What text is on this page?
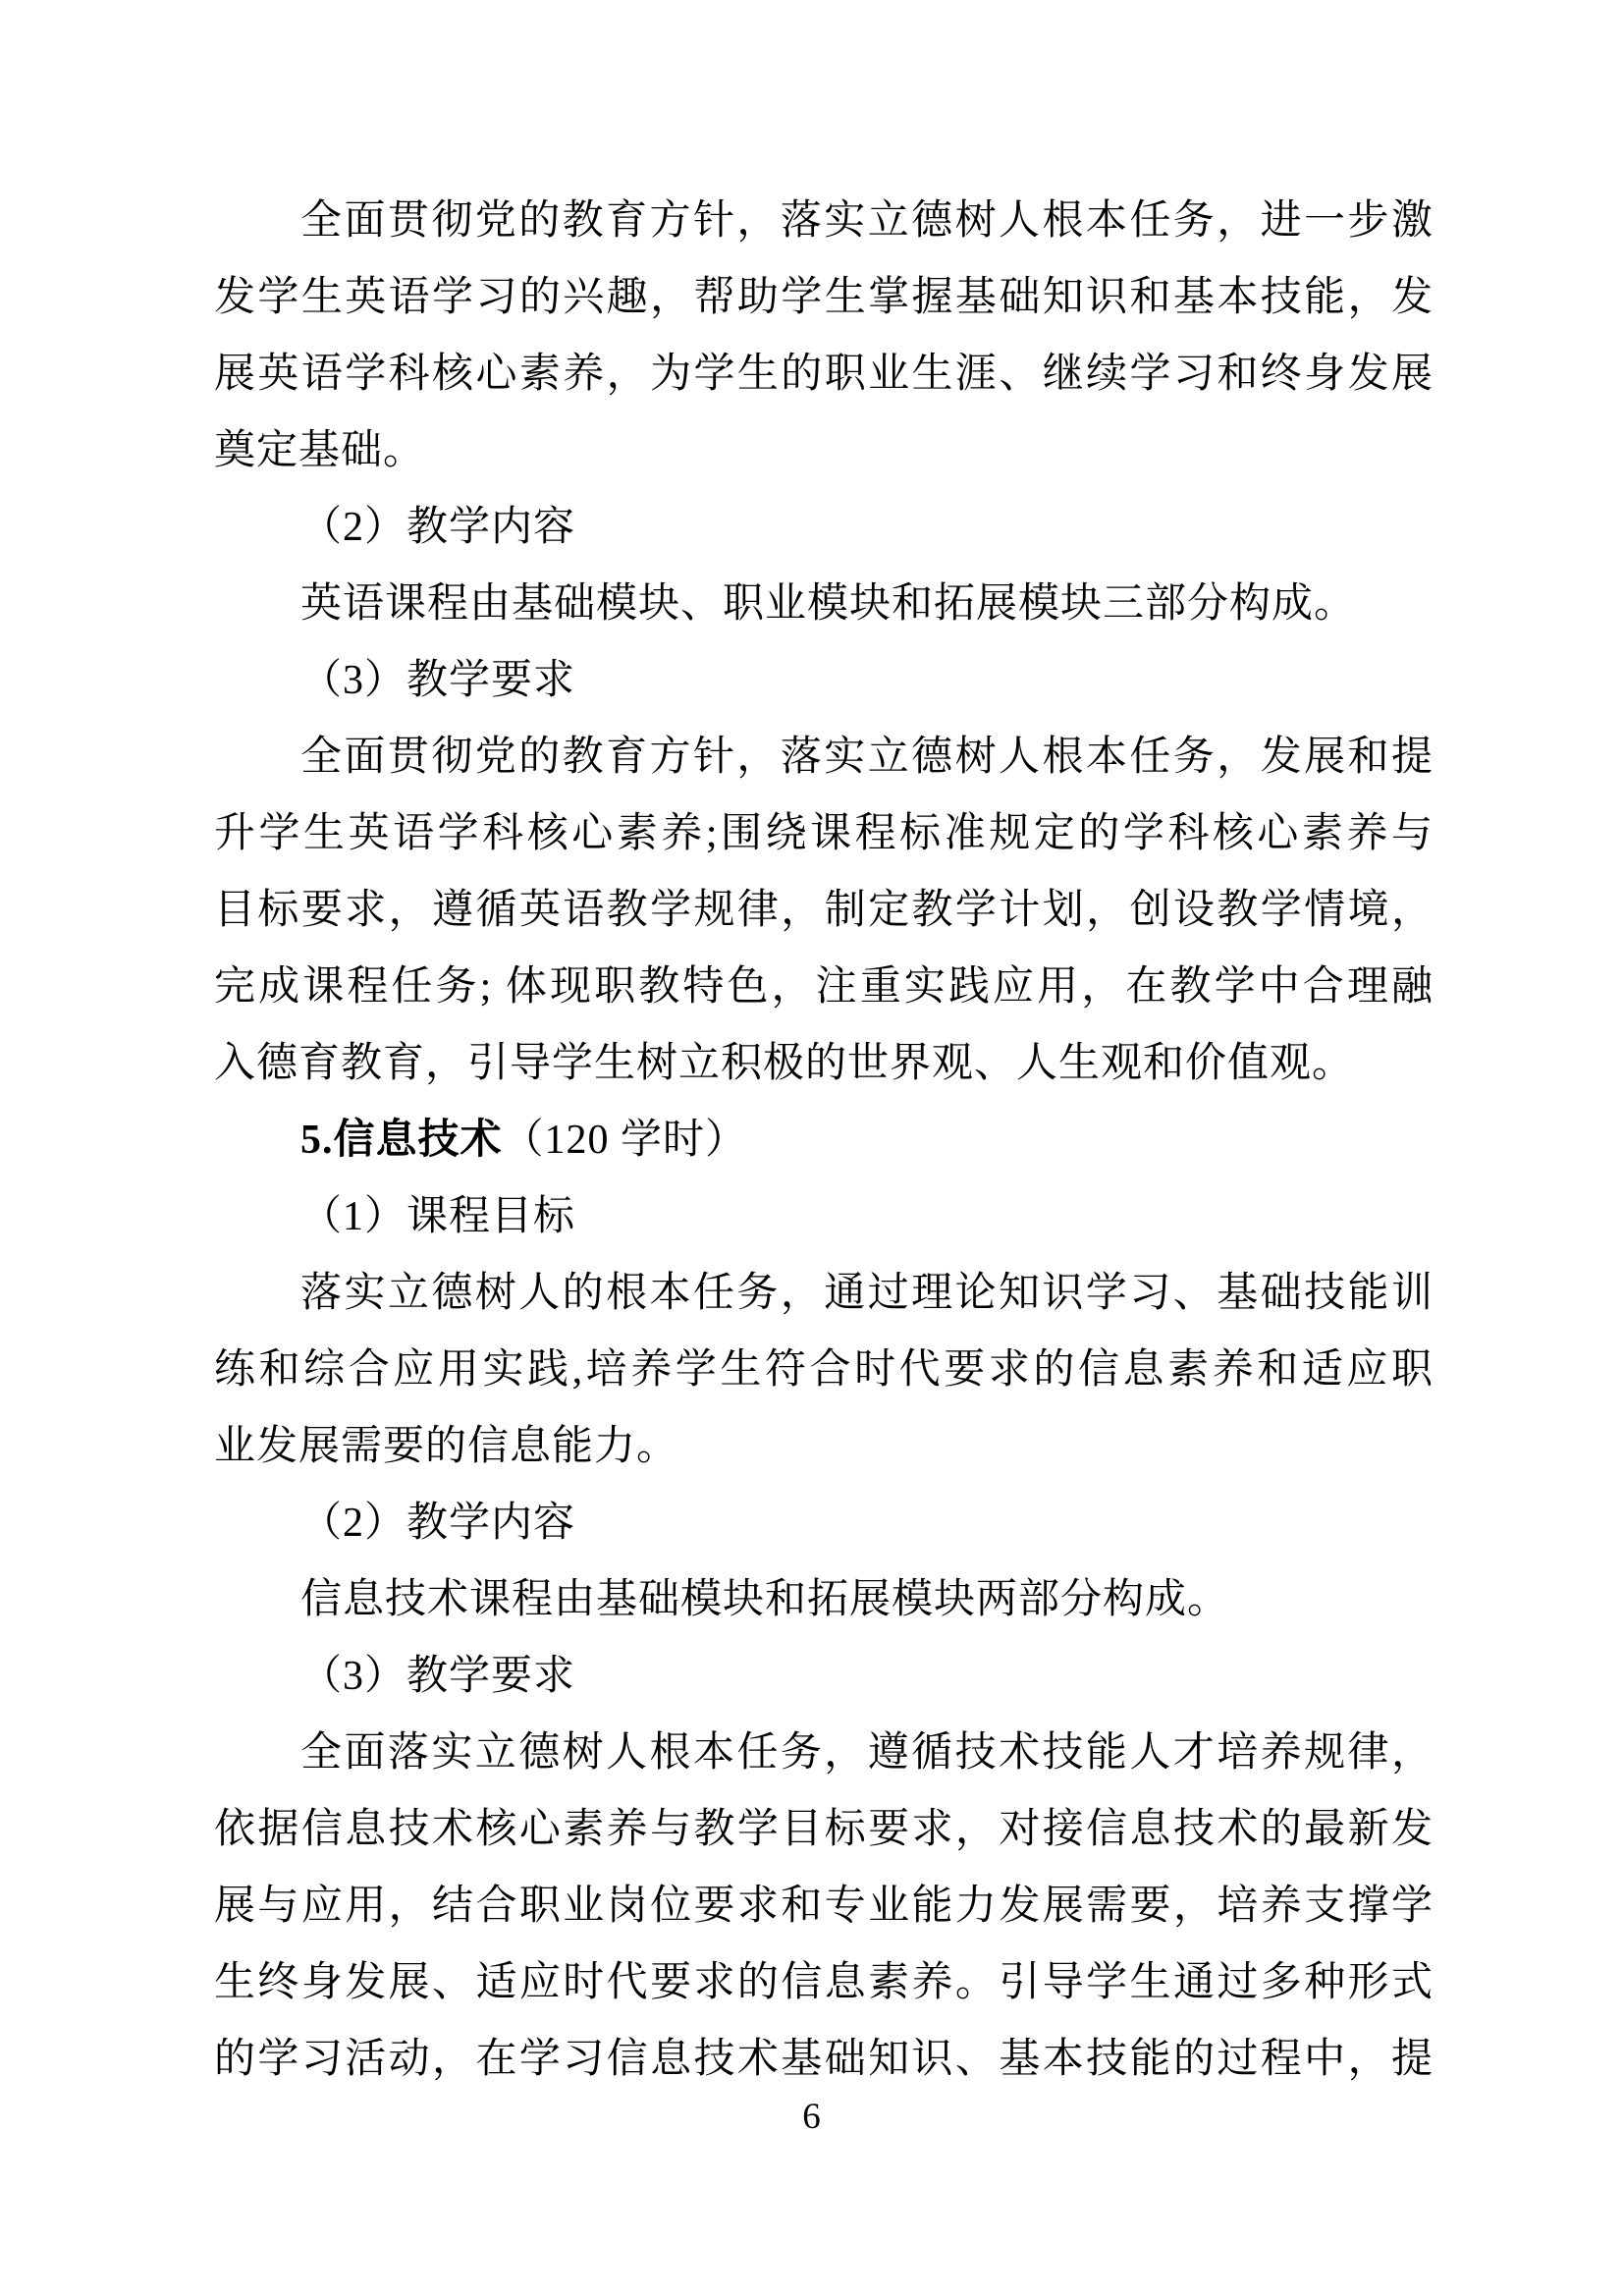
全面贯彻党的教育方针，落实立德树人根本任务，进一步激
发学生英语学习的兴趣，帮助学生掌握基础知识和基本技能，发
展英语学科核心素养，为学生的职业生涯、继续学习和终身发展
奠定基础。
（2）教学内容
英语课程由基础模块、职业模块和拓展模块三部分构成。
（3）教学要求
全面贯彻党的教育方针，落实立德树人根本任务，发展和提
升学生英语学科核心素养;围绕课程标准规定的学科核心素养与
目标要求，遵循英语教学规律，制定教学计划，创设教学情境，
完成课程任务; 体现职教特色，注重实践应用，在教学中合理融
入德育教育，引导学生树立积极的世界观、人生观和价值观。
5.信息技术（120 学时）
（1）课程目标
落实立德树人的根本任务，通过理论知识学习、基础技能训
练和综合应用实践,培养学生符合时代要求的信息素养和适应职
业发展需要的信息能力。
（2）教学内容
信息技术课程由基础模块和拓展模块两部分构成。
（3）教学要求
全面落实立德树人根本任务，遵循技术技能人才培养规律，
依据信息技术核心素养与教学目标要求，对接信息技术的最新发
展与应用，结合职业岗位要求和专业能力发展需要，培养支撑学
生终身发展、适应时代要求的信息素养。引导学生通过多种形式
的学习活动，在学习信息技术基础知识、基本技能的过程中，提
6
